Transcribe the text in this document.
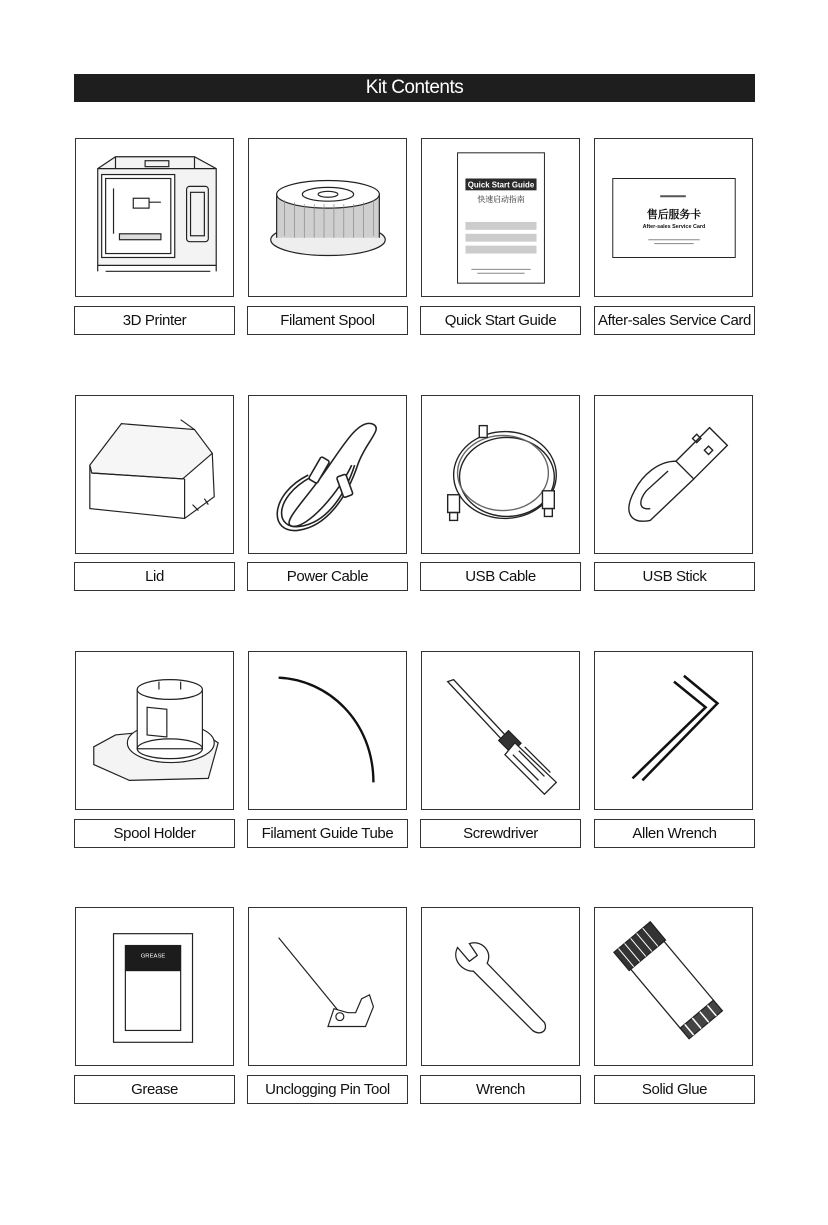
Kit Contents
Quick Start Guide
快速启动指南
售后服务卡
After-sales Service Card
3D Printer	Filament Spool	Quick Start Guide	After-sales Service Card
Lid	Power Cable	USB Cable	USB Stick
Spool Holder	Filament Guide Tube	Screwdriver	Allen Wrench
GREASE
Grease	Unclogging Pin Tool	Wrench	Solid Glue
